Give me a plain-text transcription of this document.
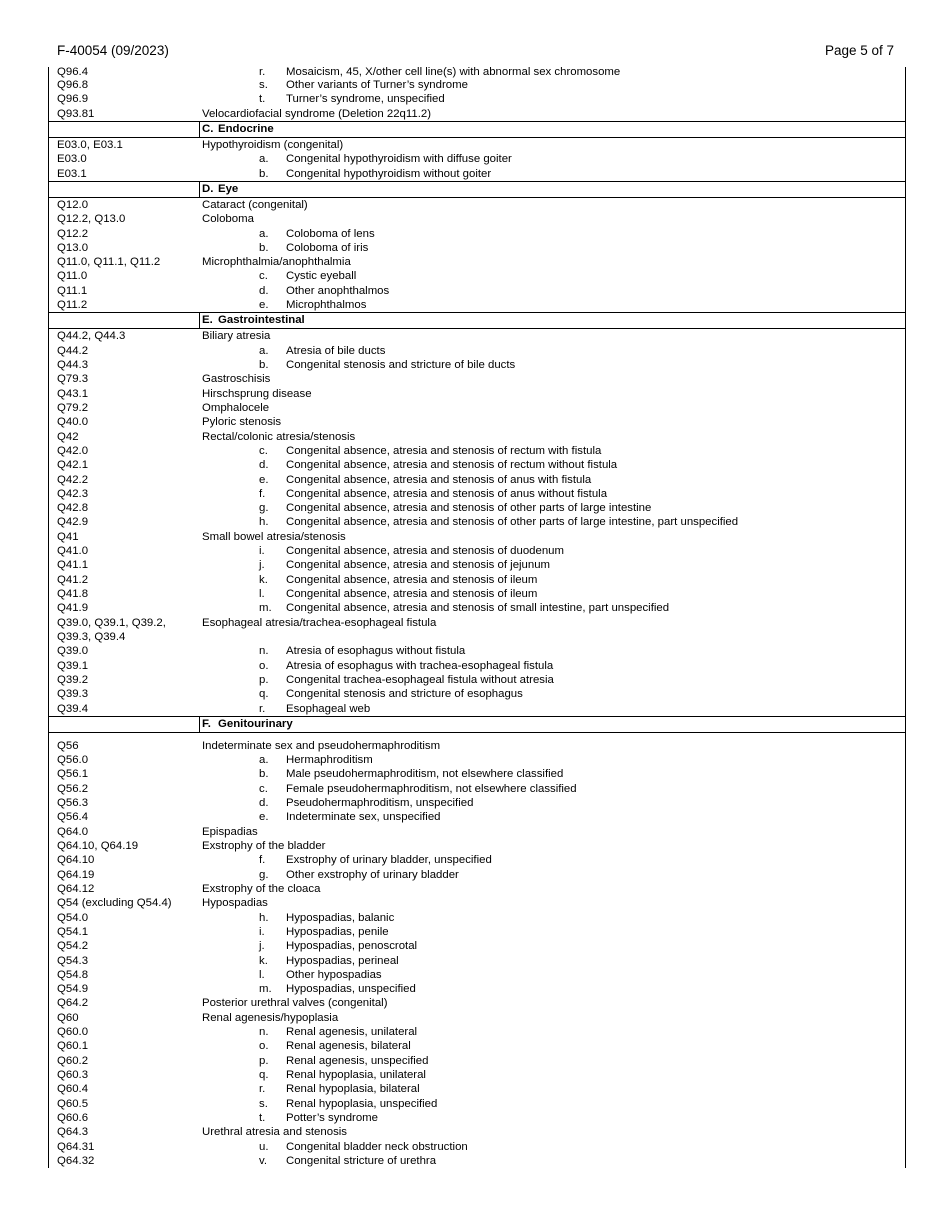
F-40054 (09/2023)	Page 5 of 7
Q96.4	r. Mosaicism, 45, X/other cell line(s) with abnormal sex chromosome
Q96.8	s. Other variants of Turner’s syndrome
Q96.9	t. Turner’s syndrome, unspecified
Q93.81	Velocardiofacial syndrome (Deletion 22q11.2)
C. Endocrine
E03.0, E03.1	Hypothyroidism (congenital)
E03.0	a. Congenital hypothyroidism with diffuse goiter
E03.1	b. Congenital hypothyroidism without goiter
D. Eye
Q12.0	Cataract (congenital)
Q12.2, Q13.0	Coloboma
Q12.2	a. Coloboma of lens
Q13.0	b. Coloboma of iris
Q11.0, Q11.1, Q11.2	Microphthalmia/anophthalmia
Q11.0	c. Cystic eyeball
Q11.1	d. Other anophthalmos
Q11.2	e. Microphthalmos
E. Gastrointestinal
Q44.2, Q44.3	Biliary atresia
Q44.2	a. Atresia of bile ducts
Q44.3	b. Congenital stenosis and stricture of bile ducts
Q79.3	Gastroschisis
Q43.1	Hirschsprung disease
Q79.2	Omphalocele
Q40.0	Pyloric stenosis
Q42	Rectal/colonic atresia/stenosis
Q42.0	c. Congenital absence, atresia and stenosis of rectum with fistula
Q42.1	d. Congenital absence, atresia and stenosis of rectum without fistula
Q42.2	e. Congenital absence, atresia and stenosis of anus with fistula
Q42.3	f. Congenital absence, atresia and stenosis of anus without fistula
Q42.8	g. Congenital absence, atresia and stenosis of other parts of large intestine
Q42.9	h. Congenital absence, atresia and stenosis of other parts of large intestine, part unspecified
Q41	Small bowel atresia/stenosis
Q41.0	i. Congenital absence, atresia and stenosis of duodenum
Q41.1	j. Congenital absence, atresia and stenosis of jejunum
Q41.2	k. Congenital absence, atresia and stenosis of ileum
Q41.8	l. Congenital absence, atresia and stenosis of ileum
Q41.9	m. Congenital absence, atresia and stenosis of small intestine, part unspecified
Q39.0, Q39.1, Q39.2,	Esophageal atresia/trachea-esophageal fistula
Q39.3, Q39.4
Q39.0	n. Atresia of esophagus without fistula
Q39.1	o. Atresia of esophagus with trachea-esophageal fistula
Q39.2	p. Congenital trachea-esophageal fistula without atresia
Q39.3	q. Congenital stenosis and stricture of esophagus
Q39.4	r. Esophageal web
F. Genitourinary
Q56	Indeterminate sex and pseudohermaphroditism
Q56.0	a. Hermaphroditism
Q56.1	b. Male pseudohermaphroditism, not elsewhere classified
Q56.2	c. Female pseudohermaphroditism, not elsewhere classified
Q56.3	d. Pseudohermaphroditism, unspecified
Q56.4	e. Indeterminate sex, unspecified
Q64.0	Epispadias
Q64.10, Q64.19	Exstrophy of the bladder
Q64.10	f. Exstrophy of urinary bladder, unspecified
Q64.19	g. Other exstrophy of urinary bladder
Q64.12	Exstrophy of the cloaca
Q54 (excluding Q54.4)	Hypospadias
Q54.0	h. Hypospadias, balanic
Q54.1	i. Hypospadias, penile
Q54.2	j. Hypospadias, penoscrotal
Q54.3	k. Hypospadias, perineal
Q54.8	l. Other hypospadias
Q54.9	m. Hypospadias, unspecified
Q64.2	Posterior urethral valves (congenital)
Q60	Renal agenesis/hypoplasia
Q60.0	n. Renal agenesis, unilateral
Q60.1	o. Renal agenesis, bilateral
Q60.2	p. Renal agenesis, unspecified
Q60.3	q. Renal hypoplasia, unilateral
Q60.4	r. Renal hypoplasia, bilateral
Q60.5	s. Renal hypoplasia, unspecified
Q60.6	t. Potter’s syndrome
Q64.3	Urethral atresia and stenosis
Q64.31	u. Congenital bladder neck obstruction
Q64.32	v. Congenital stricture of urethra
